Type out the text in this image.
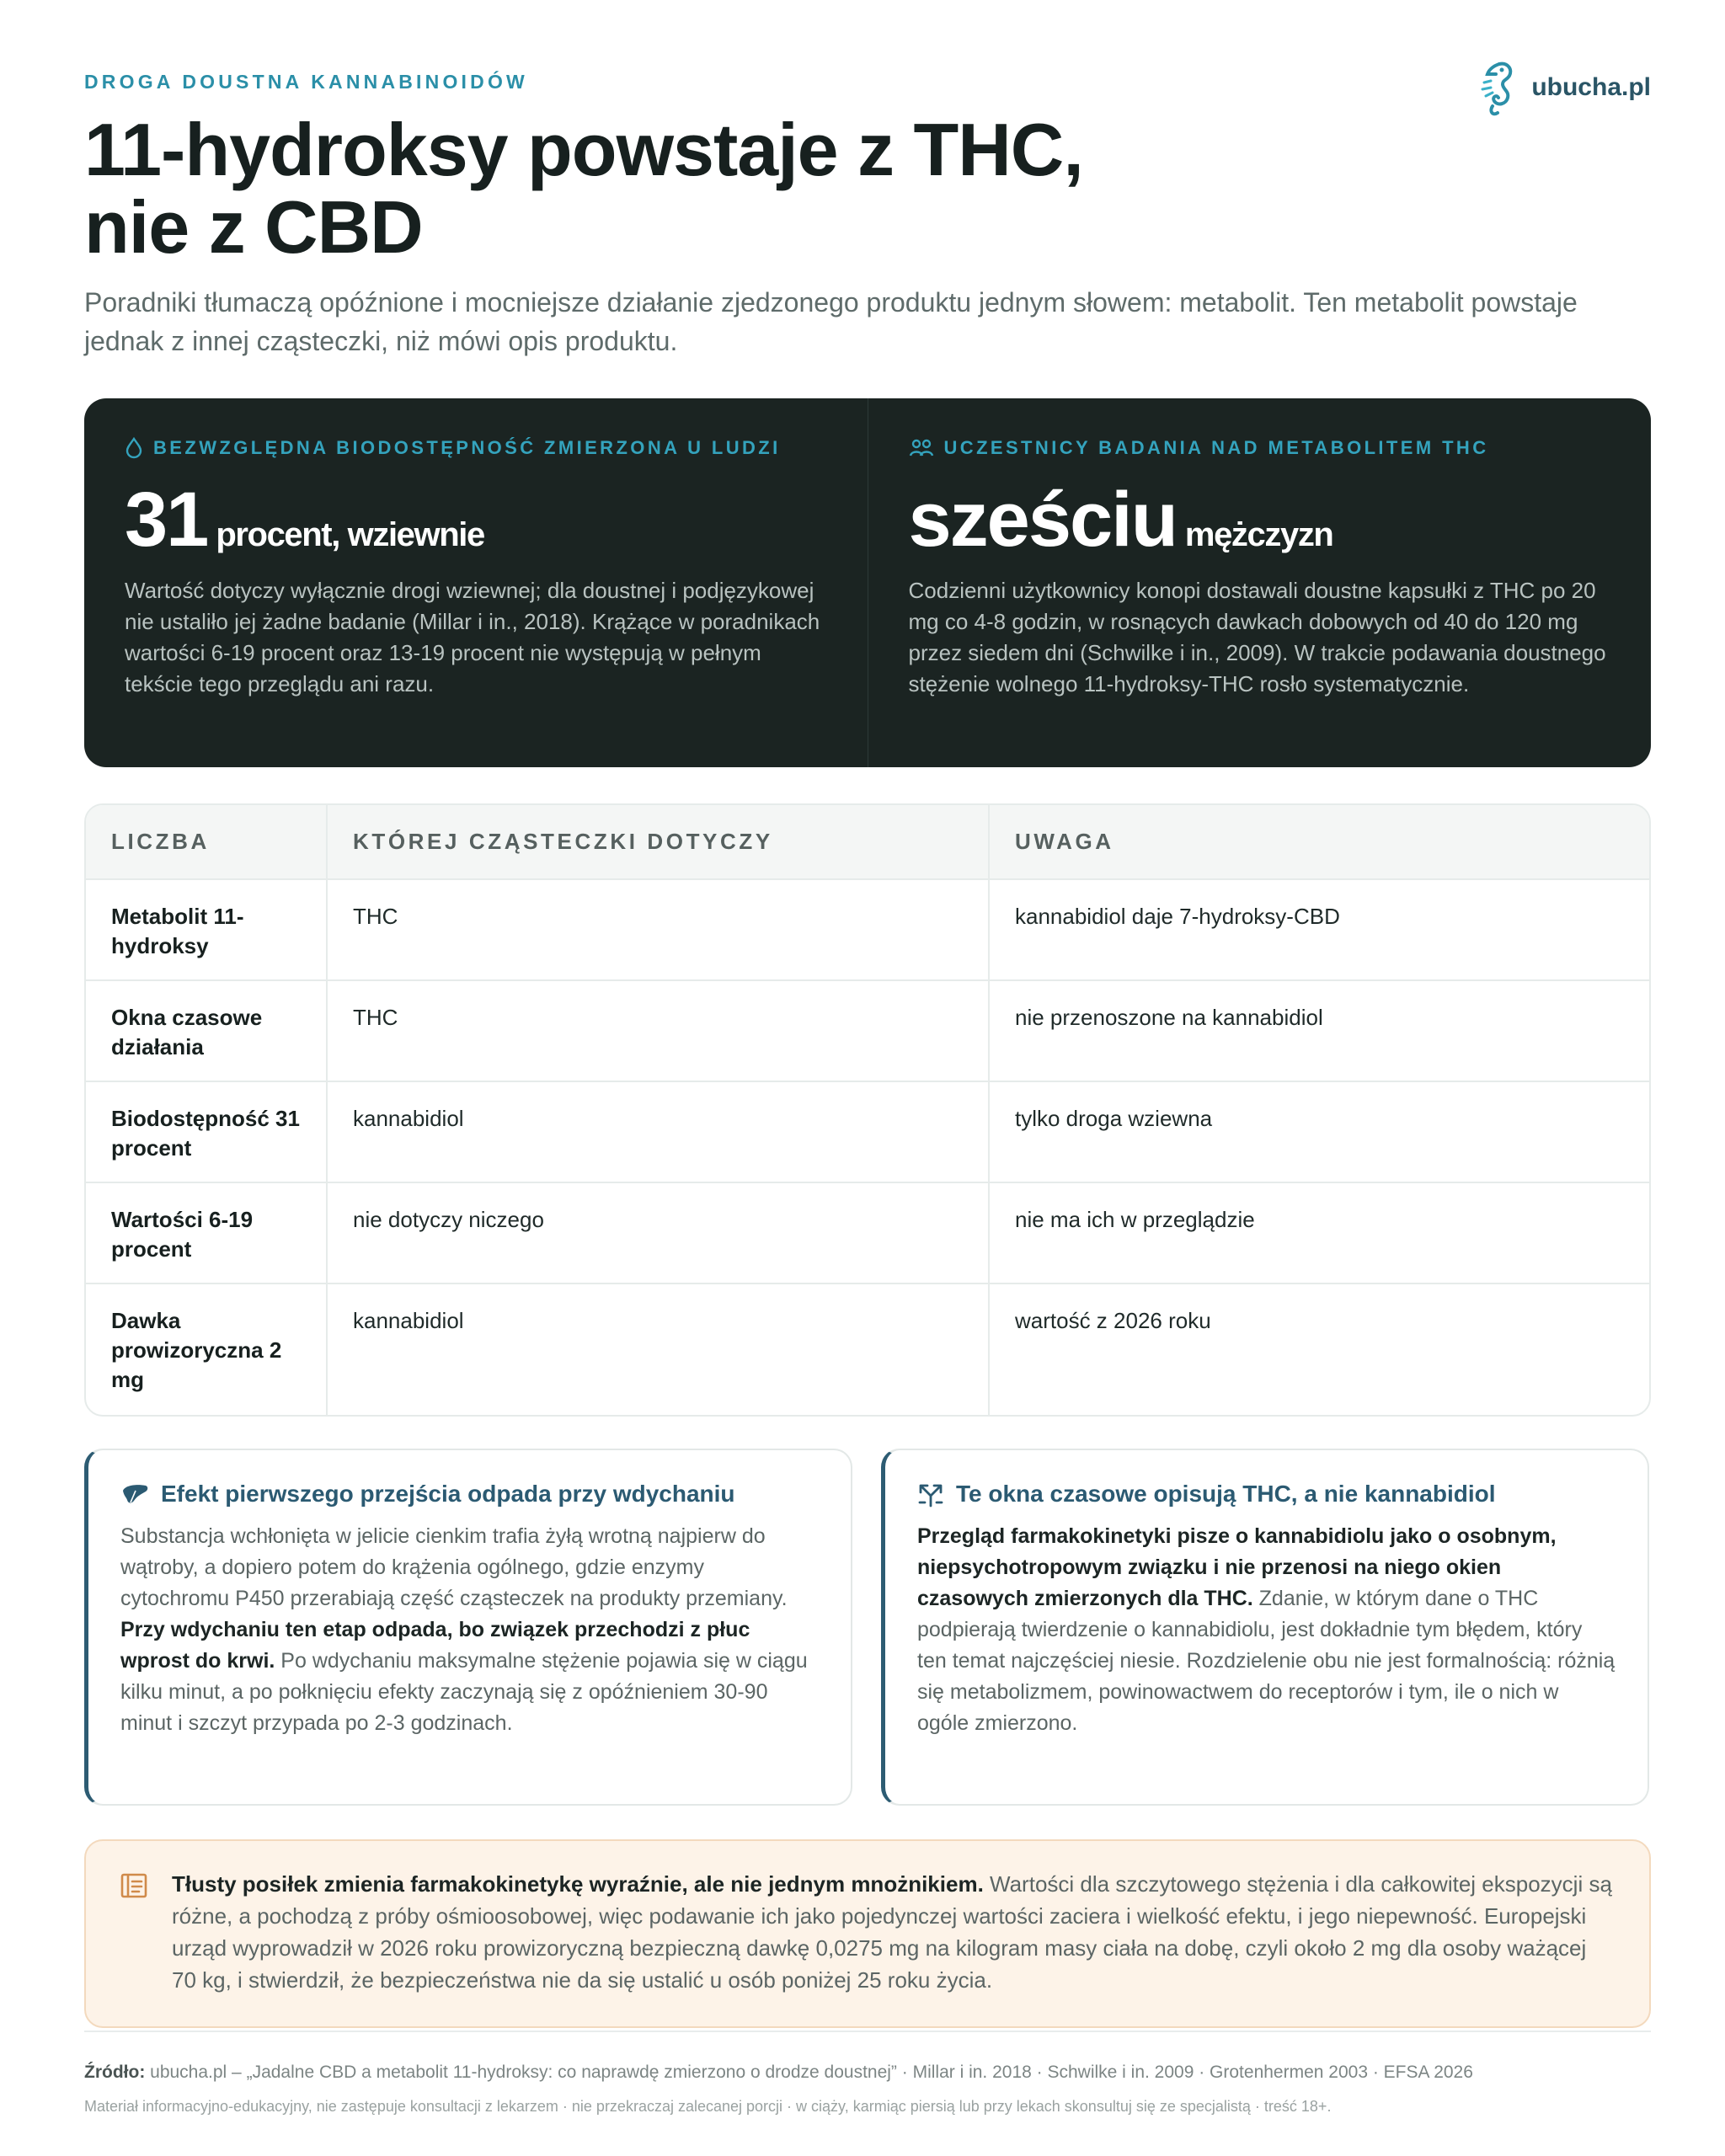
DROGA DOUSTNA KANNABINOIDÓW	ubucha.pl
11-hydroksy powstaje z THC,
nie z CBD

Poradniki tłumaczą opóźnione i mocniejsze działanie zjedzonego produktu jednym słowem: metabolit. Ten metabolit powstaje jednak z innej cząsteczki, niż mówi opis produktu.

BEZWZGLĘDNA BIODOSTĘPNOŚĆ ZMIERZONA U LUDZI
31 procent, wziewnie

Wartość dotyczy wyłącznie drogi wziewnej; dla doustnej i podjęzykowej nie ustaliło jej żadne badanie (Millar i in., 2018). Krążące w poradnikach wartości 6-19 procent oraz 13-19 procent nie występują w pełnym tekście tego przeglądu ani razu.

UCZESTNICY BADANIA NAD METABOLITEM THC
sześciu mężczyzn

Codzienni użytkownicy konopi dostawali doustne kapsułki z THC po 20 mg co 4-8 godzin, w rosnących dawkach dobowych od 40 do 120 mg przez siedem dni (Schwilke i in., 2009). W trakcie podawania doustnego stężenie wolnego 11-hydroksy-THC rosło systematycznie.

LICZBA	KTÓREJ CZĄSTECZKI DOTYCZY	UWAGA
Metabolit 11-hydroksy	THC	kannabidiol daje 7-hydroksy-CBD
Okna czasowe działania	THC	nie przenoszone na kannabidiol
Biodostępność 31 procent	kannabidiol	tylko droga wziewna
Wartości 6-19 procent	nie dotyczy niczego	nie ma ich w przeglądzie
Dawka prowizoryczna 2 mg	kannabidiol	wartość z 2026 roku
Efekt pierwszego przejścia odpada przy wdychaniu

Substancja wchłonięta w jelicie cienkim trafia żyłą wrotną najpierw do wątroby, a dopiero potem do krążenia ogólnego, gdzie enzymy cytochromu P450 przerabiają część cząsteczek na produkty przemiany. Przy wdychaniu ten etap odpada, bo związek przechodzi z płuc wprost do krwi. Po wdychaniu maksymalne stężenie pojawia się w ciągu kilku minut, a po połknięciu efekty zaczynają się z opóźnieniem 30-90 minut i szczyt przypada po 2-3 godzinach.

Te okna czasowe opisują THC, a nie kannabidiol

Przegląd farmakokinetyki pisze o kannabidiolu jako o osobnym, niepsychotropowym związku i nie przenosi na niego okien czasowych zmierzonych dla THC. Zdanie, w którym dane o THC podpierają twierdzenie o kannabidiolu, jest dokładnie tym błędem, który ten temat najczęściej niesie. Rozdzielenie obu nie jest formalnością: różnią się metabolizmem, powinowactwem do receptorów i tym, ile o nich w ogóle zmierzono.

Tłusty posiłek zmienia farmakokinetykę wyraźnie, ale nie jednym mnożnikiem. Wartości dla szczytowego stężenia i dla całkowitej ekspozycji są różne, a pochodzą z próby ośmioosobowej, więc podawanie ich jako pojedynczej wartości zaciera i wielkość efektu, i jego niepewność. Europejski urząd wyprowadził w 2026 roku prowizoryczną bezpieczną dawkę 0,0275 mg na kilogram masy ciała na dobę, czyli około 2 mg dla osoby ważącej 70 kg, i stwierdził, że bezpieczeństwa nie da się ustalić u osób poniżej 25 roku życia.

Źródło: ubucha.pl – „Jadalne CBD a metabolit 11-hydroksy: co naprawdę zmierzono o drodze doustnej” · Millar i in. 2018 · Schwilke i in. 2009 · Grotenhermen 2003 · EFSA 2026

Materiał informacyjno-edukacyjny, nie zastępuje konsultacji z lekarzem · nie przekraczaj zalecanej porcji · w ciąży, karmiąc piersią lub przy lekach skonsultuj się ze specjalistą · treść 18+.
